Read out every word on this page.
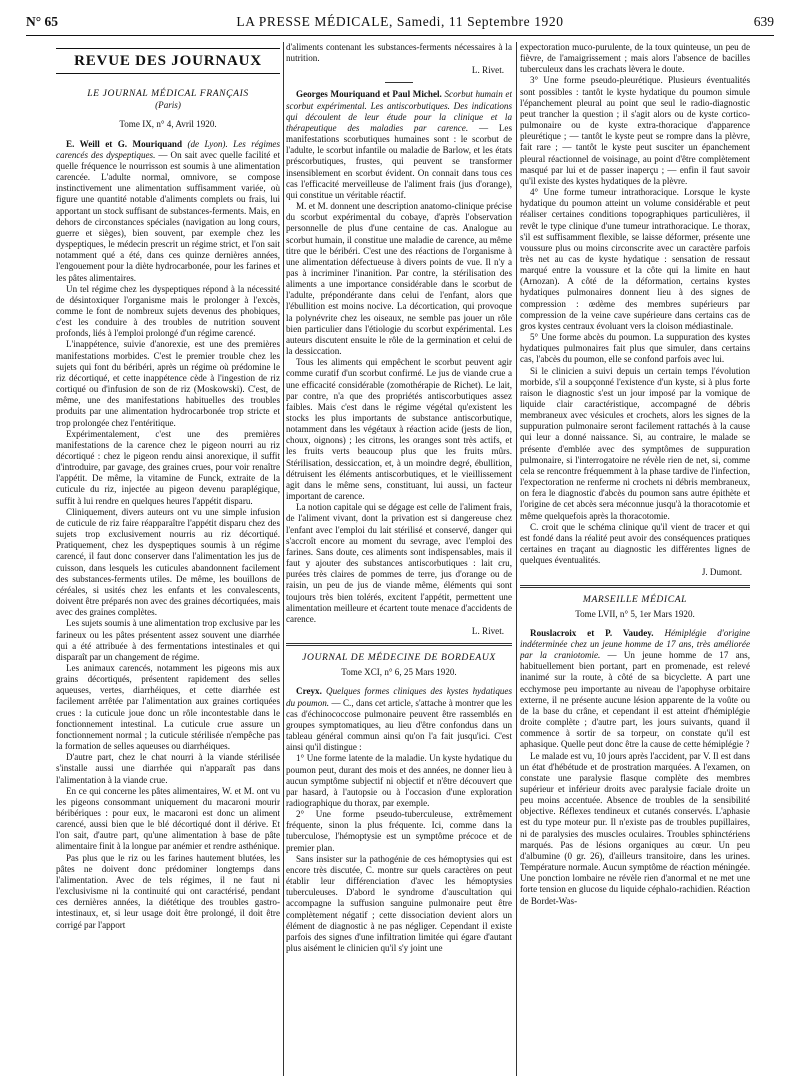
LA PRESSE MÉDICALE, Samedi, 11 Septembre 1920
N° 65	639
REVUE DES JOURNAUX
LE JOURNAL MÉDICAL FRANÇAIS
(Paris)
Tome IX, n° 4, Avril 1920.

E. Weill et G. Mouriquand (de Lyon). Les régimes carencés des dyspeptiques. — On sait avec quelle facilité et quelle fréquence le nourrisson est soumis à une alimentation carencée. L'adulte normal, omnivore, se compose instinctivement une alimentation suffisamment variée, où figure une quantité notable d'aliments complets ou frais, lui apportant un stock suffisant de substances-ferments. Mais, en dehors de circonstances spéciales (navigation au long cours, guerre et sièges), bien souvent, par exemple chez les dyspeptiques, le médecin prescrit un régime strict, et l'on sait notamment qué a été, dans ces quinze dernières années, l'engouement pour la diète hydrocarbonée, pour les farines et les pâtes alimentaires.

Un tel régime chez les dyspeptiques répond à la nécessité de désintoxiquer l'organisme mais le prolonger à l'excès, comme le font de nombreux sujets devenus des phobiques, c'est les conduire à des troubles de nutrition souvent profonds, liés à l'emploi prolongé d'un régime carencé.

L'inappétence, suivie d'anorexie, est une des premières manifestations morbides. C'est le premier trouble chez les sujets qui font du béribéri, après un régime où prédomine le riz décortiqué, et cette inappétence cède à l'ingestion de riz cortiqué ou d'infusion de son de riz (Moskowski). C'est, de même, une des manifestations habituelles des troubles produits par une alimentation hydrocarbonée trop stricte et trop prolongée chez l'entéritique.

Expérimentalement, c'est une des premières manifestations de la carence chez le pigeon nourri au riz décortiqué : chez le pigeon rendu ainsi anorexique, il suffit d'introduire, par gavage, des graines crues, pour voir renaître l'appétit. De même, la vitamine de Funck, extraite de la cuticule du riz, injectée au pigeon devenu paraplégique, suffit à lui rendre en quelques heures l'appétit disparu.

Cliniquement, divers auteurs ont vu une simple infusion de cuticule de riz faire réapparaître l'appétit disparu chez des sujets trop exclusivement nourris au riz décortiqué. Pratiquement, chez les dyspeptiques soumis à un régime carencé, il faut donc conserver dans l'alimentation les jus de cuisson, dans lesquels les cuticules abandonnent facilement des substances-ferments utiles. De même, les bouillons de céréales, si usités chez les enfants et les convalescents, doivent être préparés non avec des graines décortiquées, mais avec des graines complètes.

Les sujets soumis à une alimentation trop exclusive par les farineux ou les pâtes présentent assez souvent une diarrhée qui a été attribuée à des fermentations intestinales et qui disparaît par un changement de régime.

Les animaux carencés, notamment les pigeons mis aux grains décortiqués, présentent rapidement des selles aqueuses, vertes, diarrhéiques, et cette diarrhée est facilement arrêtée par l'alimentation aux graines cortiquées crues : la cuticule joue donc un rôle incontestable dans le fonctionnement intestinal. La cuticule crue assure un fonctionnement normal ; la cuticule stérilisée n'empêche pas la formation de selles aqueuses ou diarrhéiques.

D'autre part, chez le chat nourri à la viande stérilisée s'installe aussi une diarrhée qui n'apparaît pas dans l'alimentation à la viande crue.

En ce qui concerne les pâtes alimentaires, W. et M. ont vu les pigeons consommant uniquement du macaroni mourir béribériques : pour eux, le macaroni est donc un aliment carencé, aussi bien que le blé décortiqué dont il dérive. Et l'on sait, d'autre part, qu'une alimentation à base de pâte alimentaire finit à la longue par anémier et rendre asthénique.

Pas plus que le riz ou les farines hautement blutées, les pâtes ne doivent donc prédominer longtemps dans l'alimentation. Avec de tels régimes, il ne faut ni l'exclusivisme ni la continuité qui ont caractérisé, pendant ces dernières années, la diététique des troubles gastro-intestinaux, et, si leur usage doit être prolongé, il doit être corrigé par l'apport

d'aliments contenant les substances-ferments nécessaires à la nutrition.

L. Rivet.

Georges Mouriquand et Paul Michel. Scorbut humain et scorbut expérimental. Les antiscorbutiques. Des indications qui découlent de leur étude pour la clinique et la thérapeutique des maladies par carence. — Les manifestations scorbutiques humaines sont : le scorbut de l'adulte, le scorbut infantile ou maladie de Barlow, et les états préscorbutiques, frustes, qui peuvent se transformer insensiblement en scorbut évident. On connait dans tous ces cas l'efficacité merveilleuse de l'aliment frais (jus d'orange), qui constitue un véritable réactif.

M. et M. donnent une description anatomo-clinique précise du scorbut expérimental du cobaye, d'après l'observation personnelle de plus d'une centaine de cas. Analogue au scorbut humain, il constitue une maladie de carence, au même titre que le béribéri. C'est une des réactions de l'organisme à une alimentation défectueuse à divers points de vue. Il n'y a pas à incriminer l'inanition. Par contre, la stérilisation des aliments a une importance considérable dans le scorbut de l'adulte, prépondérante dans celui de l'enfant, alors que l'ébullition est moins nocive. La décortication, qui provoque la polynévrite chez les oiseaux, ne semble pas jouer un rôle bien particulier dans l'étiologie du scorbut expérimental. Les auteurs discutent ensuite le rôle de la germination et celui de la dessiccation.

Tous les aliments qui empêchent le scorbut peuvent agir comme curatif d'un scorbut confirmé. Le jus de viande crue a une efficacité considérable (zomothérapie de Richet). Le lait, par contre, n'a que des propriétés antiscorbutiques assez faibles. Mais c'est dans le régime végétal qu'existent les stocks les plus importants de substance antiscorbutique, notamment dans les végétaux à réaction acide (jests de lion, choux, oignons) ; les citrons, les oranges sont très actifs, et les fruits verts beaucoup plus que les fruits mûrs. Stérilisation, dessiccation, et, à un moindre degré, ébullition, détruisent les éléments antiscorbutiques, et le vieillissement agit dans le même sens, constituant, lui aussi, un facteur important de carence.

La notion capitale qui se dégage est celle de l'aliment frais, de l'aliment vivant, dont la privation est si dangereuse chez l'enfant avec l'emploi du lait stérilisé et conservé, danger qui s'accroît encore au moment du sevrage, avec l'emploi des farines. Sans doute, ces aliments sont indispensables, mais il faut y ajouter des substances antiscorbutiques : lait cru, purées très claires de pommes de terre, jus d'orange ou de raisin, un peu de jus de viande même, éléments qui sont toujours très bien tolérés, excitent l'appétit, permettent une alimentation meilleure et écartent toute menace d'accidents de carence.

L. Rivet.
JOURNAL DE MÉDECINE DE BORDEAUX
Tome XCI, n° 6, 25 Mars 1920.

Creyx. Quelques formes cliniques des kystes hydatiques du poumon. — C., dans cet article, s'attache à montrer que les cas d'échinococcose pulmonaire peuvent être rassemblés en groupes symptomatiques, au lieu d'être confondus dans un tableau général commun ainsi qu'on l'a fait jusqu'ici. C'est ainsi qu'il distingue :

1° Une forme latente de la maladie. Un kyste hydatique du poumon peut, durant des mois et des années, ne donner lieu à aucun symptôme subjectif ni objectif et n'être découvert que par hasard, à l'autopsie ou à l'occasion d'une exploration radiographique du thorax, par exemple.

2° Une forme pseudo-tuberculeuse, extrêmement fréquente, sinon la plus fréquente. Ici, comme dans la tuberculose, l'hémoptysie est un symptôme précoce et de premier plan.

Sans insister sur la pathogénie de ces hémoptysies qui est encore très discutée, C. montre sur quels caractères on peut établir leur différenciation d'avec les hémoptysies tuberculeuses. D'abord le syndrome d'auscultation qui accompagne la suffusion sanguine pulmonaire peut être complètement négatif ; cette dissociation devient alors un élément de diagnostic à ne pas négliger. Cependant il existe parfois des signes d'une infiltration limitée qui égare d'autant plus aisément le clinicien qu'il s'y joint une

expectoration muco-purulente, de la toux quinteuse, un peu de fièvre, de l'amaigrissement ; mais alors l'absence de bacilles tuberculeux dans les crachats lèvera le doute.

3° Une forme pseudo-pleurétique. Plusieurs éventualités sont possibles : tantôt le kyste hydatique du poumon simule l'épanchement pleural au point que seul le radio-diagnostic peut trancher la question ; il s'agit alors ou de kyste cortico-pulmonaire ou de kyste extra-thoracique d'apparence pleurétique ; — tantôt le kyste peut se rompre dans la plèvre, fait rare ; — tantôt le kyste peut susciter un épanchement pleural réactionnel de voisinage, au point d'être complètement masqué par lui et de passer inaperçu ; — enfin il faut savoir qu'il existe des kystes hydatiques de la plèvre.

4° Une forme tumeur intrathoracique. Lorsque le kyste hydatique du poumon atteint un volume considérable et peut réaliser certaines conditions topographiques particulières, il revêt le type clinique d'une tumeur intrathoracique. Le thorax, s'il est suffisamment flexible, se laisse déformer, présente une voussure plus ou moins circonscrite avec un caractère parfois très net au cas de kyste hydatique : sensation de ressaut marqué entre la voussure et la côte qui la limite en haut (Arnozan). A côté de la déformation, certains kystes hydatiques pulmonaires donnent lieu à des signes de compression : œdème des membres supérieurs par compression de la veine cave supérieure dans certains cas de gros kystes centraux évoluant vers la cloison médiastinale.

5° Une forme abcès du poumon. La suppuration des kystes hydatiques pulmonaires fait plus que simuler, dans certains cas, l'abcès du poumon, elle se confond parfois avec lui.

Si le clinicien a suivi depuis un certain temps l'évolution morbide, s'il a soupçonné l'existence d'un kyste, si à plus forte raison le diagnostic s'est un jour imposé par la vomique de liquide clair caractéristique, accompagné de débris membraneux avec vésicules et crochets, alors les signes de la suppuration pulmonaire seront facilement rattachés à la cause qui leur a donné naissance. Si, au contraire, le malade se présente d'emblée avec des symptômes de suppuration pulmonaire, si l'interrogatoire ne révèle rien de net, si, comme cela se rencontre fréquemment à la phase tardive de l'infection, l'expectoration ne renferme ni crochets ni débris membraneux, on fera le diagnostic d'abcès du poumon sans autre épithète et l'origine de cet abcès sera méconnue jusqu'à la thoracotomie et même quelquefois après la thoracotomie.

C. croit que le schéma clinique qu'il vient de tracer et qui est fondé dans la réalité peut avoir des conséquences pratiques certaines en traçant au diagnostic les différentes lignes de quelques éventualités.

J. Dumont.
MARSEILLE MÉDICAL
Tome LVII, n° 5, 1er Mars 1920.

Rouslacroix et P. Vaudey. Hémiplégie d'origine indéterminée chez un jeune homme de 17 ans, très améliorée par la craniotomie. — Un jeune homme de 17 ans, habituellement bien portant, part en promenade, est relevé inanimé sur la route, à côté de sa bicyclette. A part une ecchymose peu importante au niveau de l'apophyse orbitaire externe, il ne présente aucune lésion apparente de la voûte ou de la base du crâne, et cependant il est atteint d'hémiplégie droite complète ; d'autre part, les jours suivants, quand il commence à sortir de sa torpeur, on constate qu'il est aphasique. Quelle peut donc être la cause de cette hémiplégie ?

Le malade est vu, 10 jours après l'accident, par V. Il est dans un état d'hébétude et de prostration marquées. A l'examen, on constate une paralysie flasque complète des membres supérieur et inférieur droits avec paralysie faciale droite un peu moins accentuée. Absence de troubles de la sensibilité objective. Réflexes tendineux et cutanés conservés. L'aphasie est du type moteur pur. Il n'existe pas de troubles pupillaires, ni de paralysies des muscles oculaires. Troubles sphinctériens marqués. Pas de lésions organiques au cœur. Un peu d'albumine (0 gr. 26), d'ailleurs transitoire, dans les urines. Température normale. Aucun symptôme de réaction méningée. Une ponction lombaire ne révèle rien d'anormal et ne met une forte tension en glucose du liquide céphalo-rachidien. Réaction de Bordet-Was-
